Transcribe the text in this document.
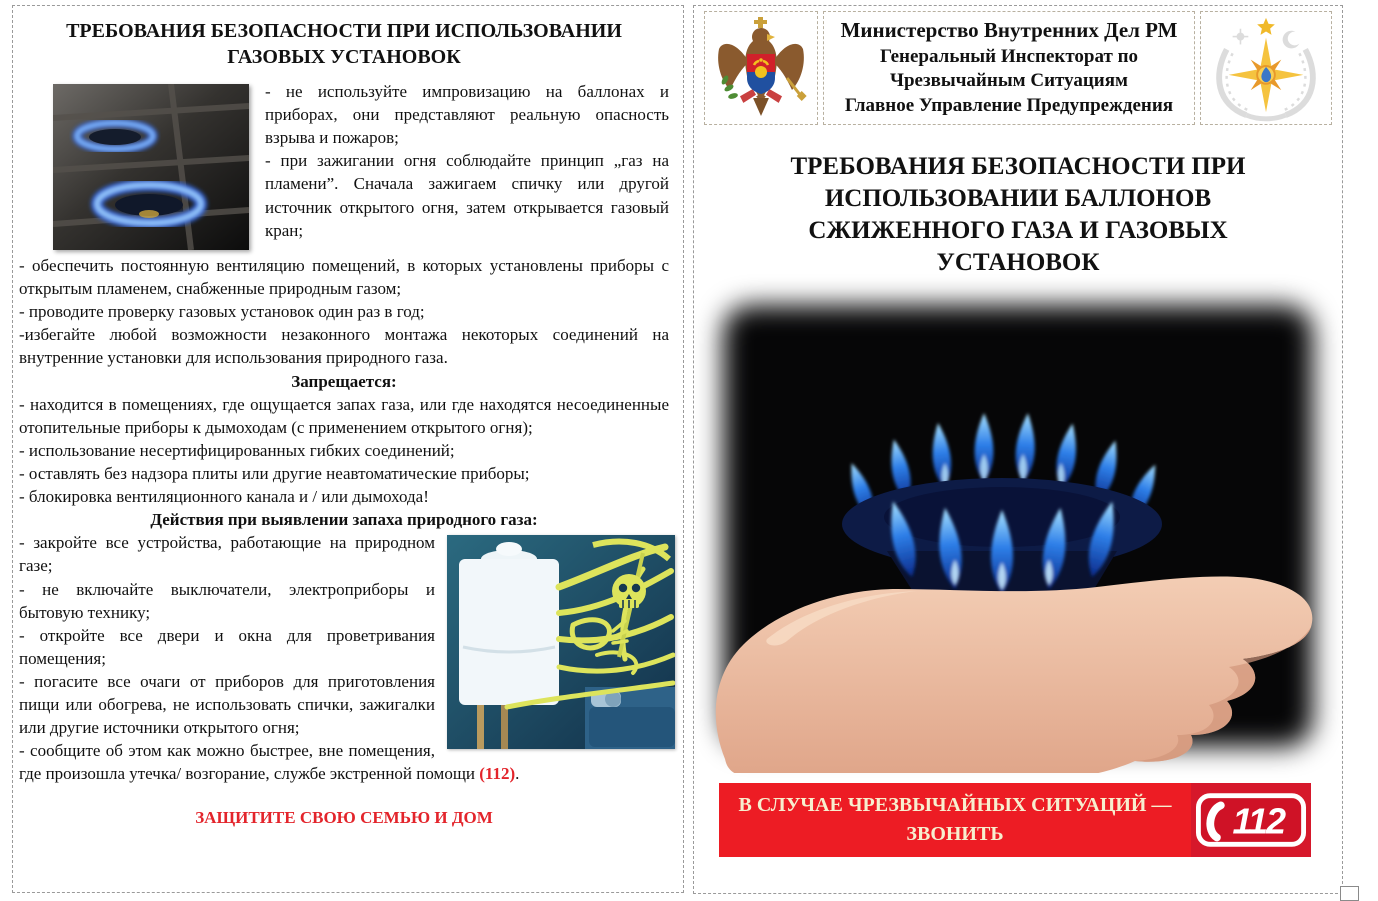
ТРЕБОВАНИЯ БЕЗОПАСНОСТИ ПРИ ИСПОЛЬЗОВАНИИ ГАЗОВЫХ УСТАНОВОК

- не используйте импровизацию на баллонах и приборах, они представляют реальную опасность взрыва и пожаров;

- при зажигании огня соблюдайте принцип „газ на пламени”. Сначала зажигаем спичку или другой источник открытого огня, затем открывается газовый кран;

- обеспечить постоянную вентиляцию помещений, в которых установлены приборы с открытым пламенем, снабженные природным газом;

- проводите проверку газовых установок один раз в год;

-избегайте любой возможности незаконного монтажа некоторых соединений на внутренние установки для использования природного газа.

Запрещается:

- находится в помещениях, где ощущается запах газа, или где находятся несоединенные отопительные приборы к дымоходам (с применением открытого огня);

- использование несертифицированных гибких соединений;

- оставлять без надзора плиты или другие неавтоматические приборы;

- блокировка вентиляционного канала и / или дымохода!

Действия при выявлении запаха природного газа:

- закройте все устройства, работающие на природном газе;

- не включайте выключатели, электроприборы и бытовую технику;

- откройте все двери и окна для проветривания помещения;

- погасите все очаги от приборов для приготовления пищи или обогрева, не использовать спички, зажигалки или другие источники открытого огня;

- сообщите об этом как можно быстрее, вне помещения, где произошла утечка/ возгорание, службе экстренной помощи (112).

ЗАЩИТИТЕ СВОЮ СЕМЬЮ И ДОМ

Министерство Внутренних Дел РМ
Генеральный Инспекторат по Чрезвычайным Ситуациям
Главное Управление Предупреждения
ТРЕБОВАНИЯ БЕЗОПАСНОСТИ ПРИ ИСПОЛЬЗОВАНИИ БАЛЛОНОВ СЖИЖЕННОГО ГАЗА И ГАЗОВЫХ УСТАНОВОК
В СЛУЧАЕ ЧРЕЗВЫЧАЙНЫХ СИТУАЦИЙ —
ЗВОНИТЬ	112
